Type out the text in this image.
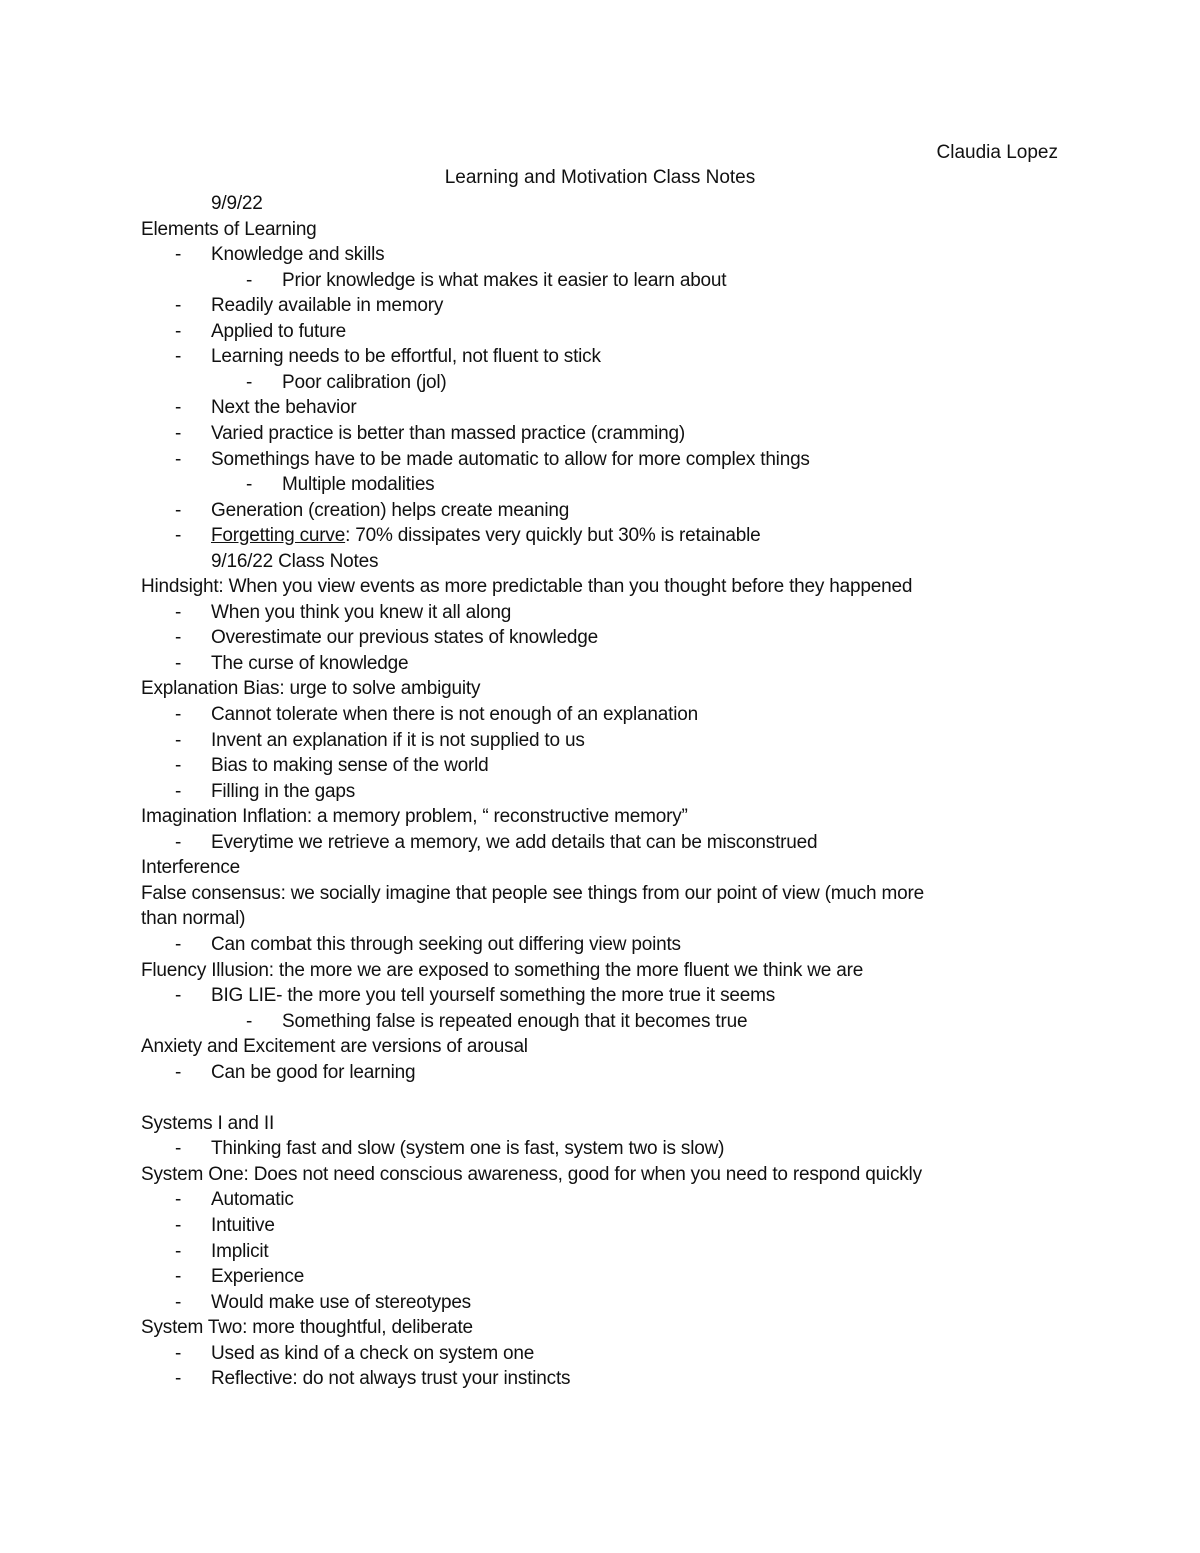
Claudia Lopez
Learning and Motivation Class Notes
9/9/22
Elements of Learning
- Knowledge and skills
- Prior knowledge is what makes it easier to learn about
- Readily available in memory
- Applied to future
- Learning needs to be effortful, not fluent to stick
- Poor calibration (jol)
- Next the behavior
- Varied practice is better than massed practice (cramming)
- Somethings have to be made automatic to allow for more complex things
- Multiple modalities
- Generation (creation) helps create meaning
- Forgetting curve: 70% dissipates very quickly but 30% is retainable
9/16/22 Class Notes
Hindsight: When you view events as more predictable than you thought before they happened
- When you think you knew it all along
- Overestimate our previous states of knowledge
- The curse of knowledge
Explanation Bias: urge to solve ambiguity
- Cannot tolerate when there is not enough of an explanation
- Invent an explanation if it is not supplied to us
- Bias to making sense of the world
- Filling in the gaps
Imagination Inflation: a memory problem, “ reconstructive memory”
- Everytime we retrieve a memory, we add details that can be misconstrued
Interference
False consensus: we socially imagine that people see things from our point of view (much more
than normal)
- Can combat this through seeking out differing view points
Fluency Illusion: the more we are exposed to something the more fluent we think we are
- BIG LIE- the more you tell yourself something the more true it seems
- Something false is repeated enough that it becomes true
Anxiety and Excitement are versions of arousal
- Can be good for learning
Systems I and II
- Thinking fast and slow (system one is fast, system two is slow)
System One: Does not need conscious awareness, good for when you need to respond quickly
- Automatic
- Intuitive
- Implicit
- Experience
- Would make use of stereotypes
System Two: more thoughtful, deliberate
- Used as kind of a check on system one
- Reflective: do not always trust your instincts
